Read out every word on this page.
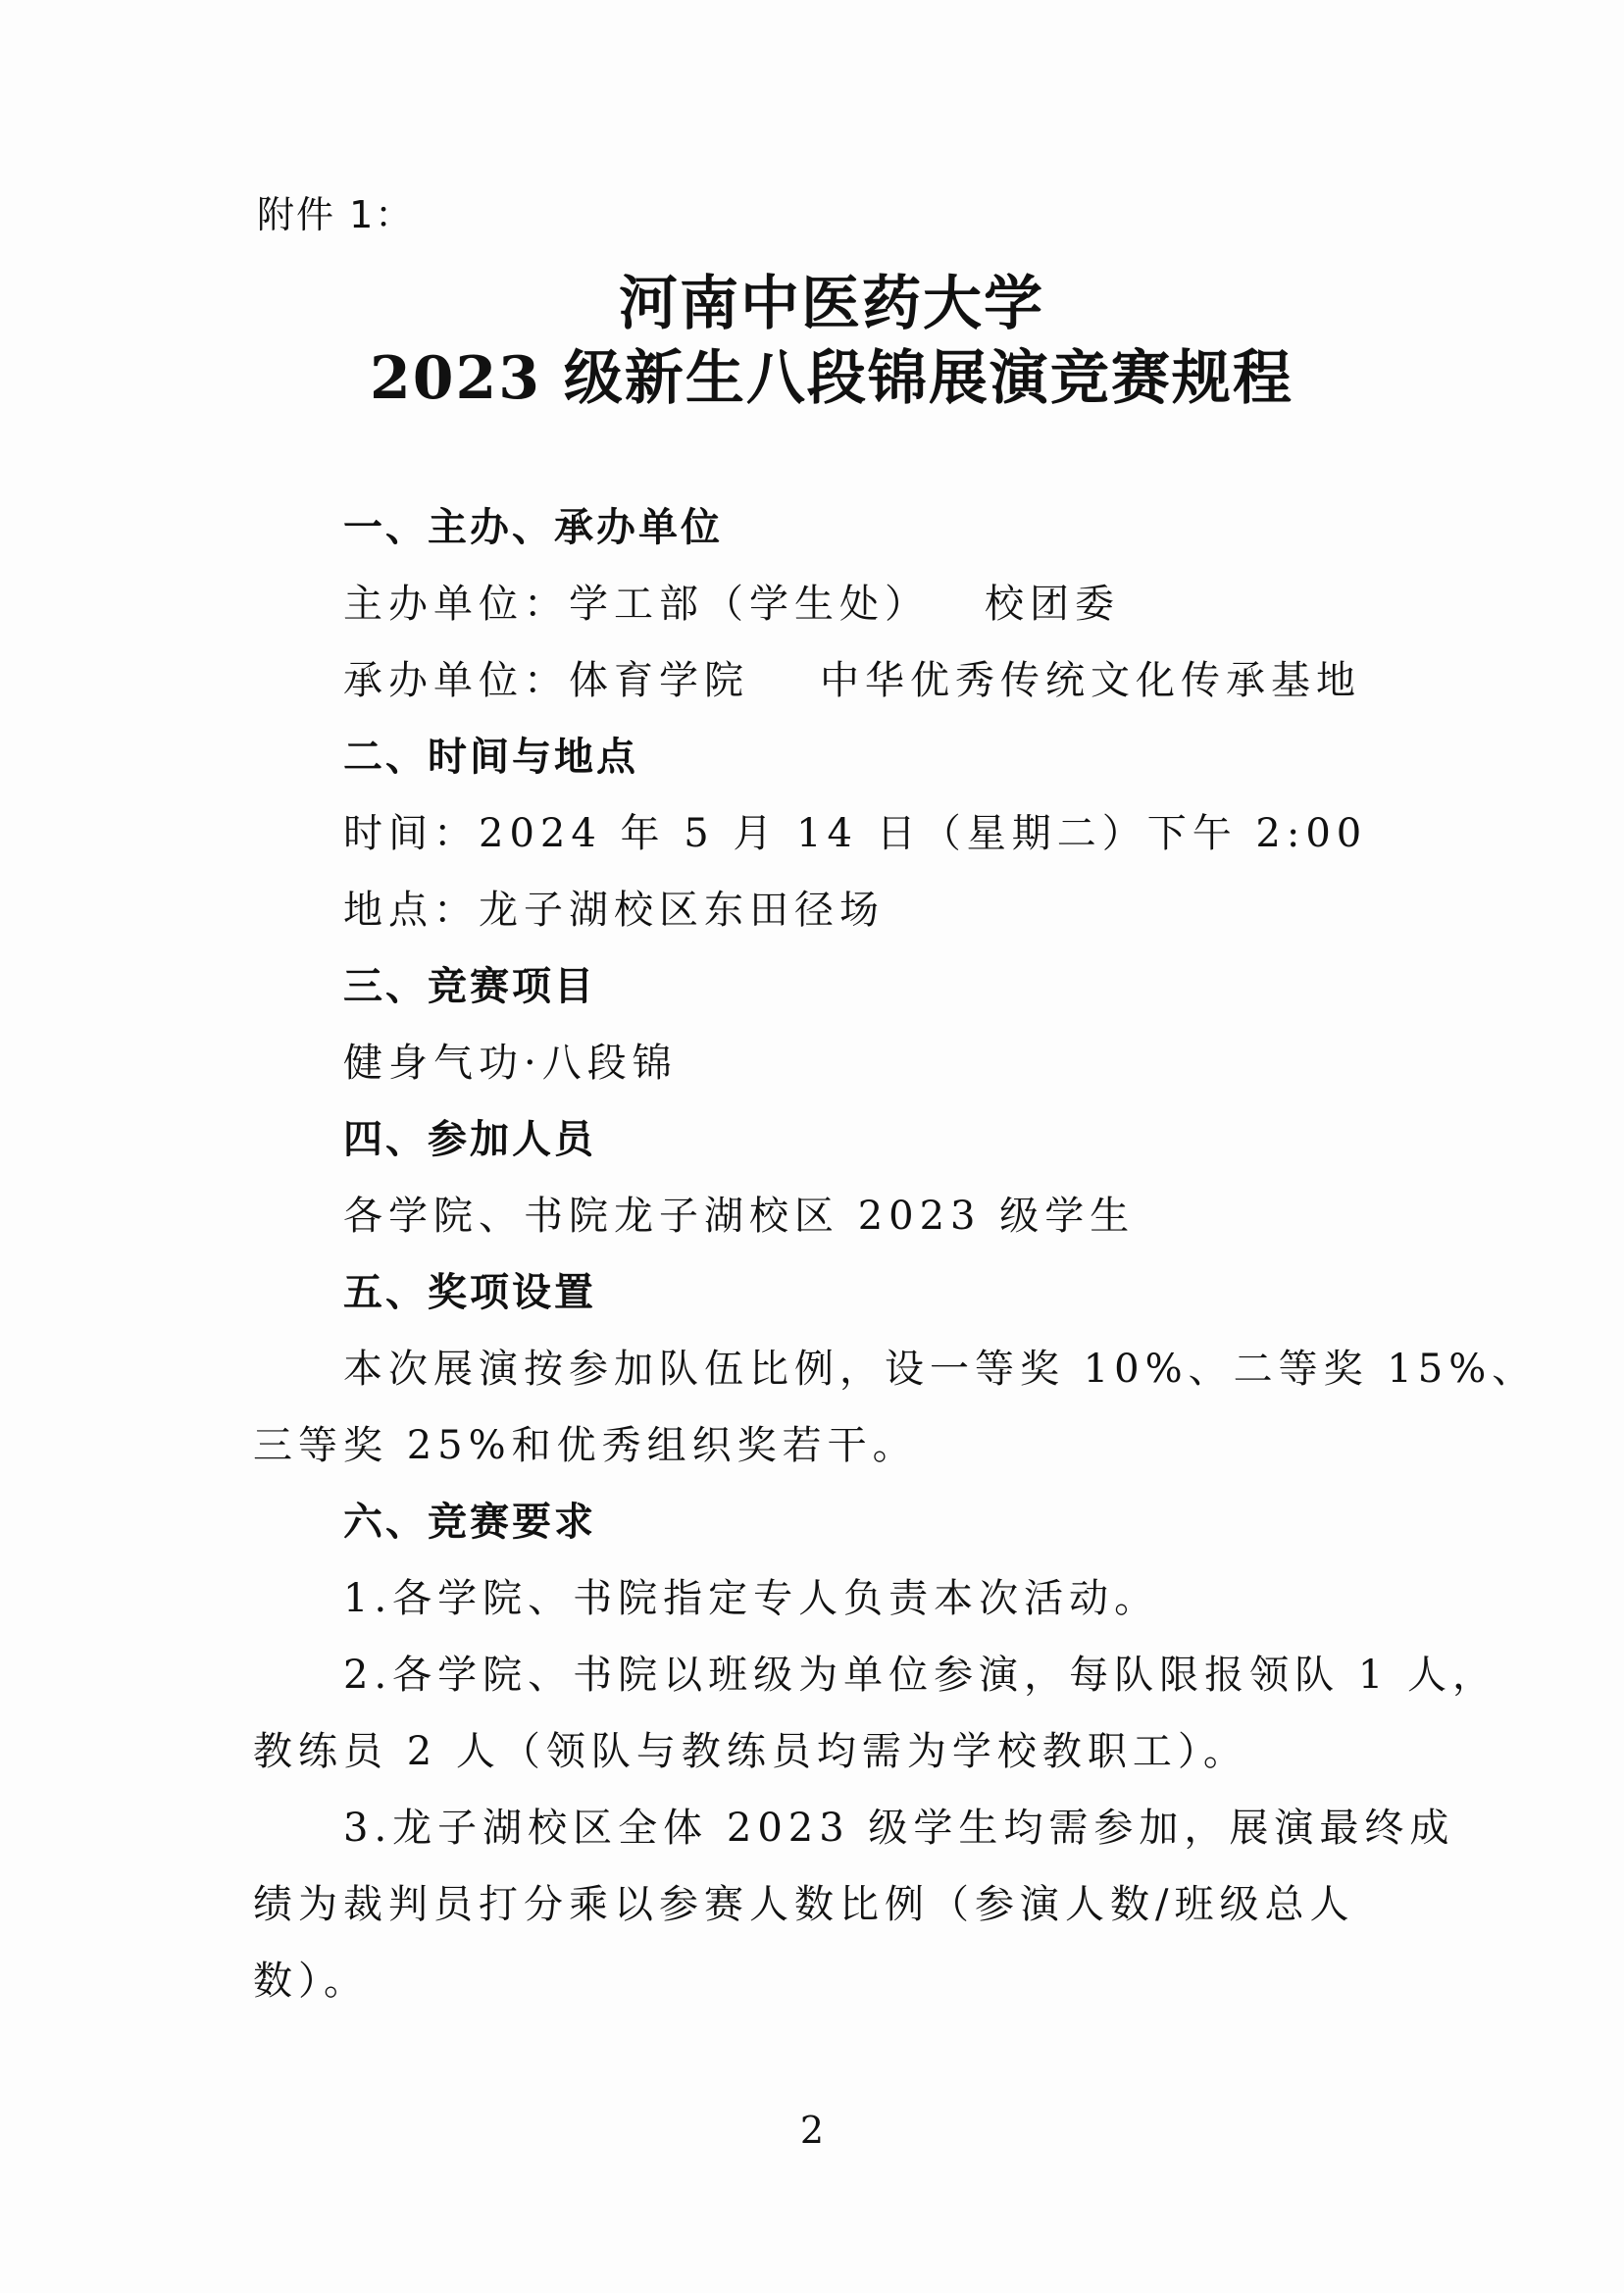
附件 1：
河南中医药大学
2023 级新生八段锦展演竞赛规程
一、主办、承办单位
主办单位：学工部（学生处） 校团委
承办单位：体育学院 中华优秀传统文化传承基地
二、时间与地点
时间：2024 年 5 月 14 日（星期二）下午 2:00
地点：龙子湖校区东田径场
三、竞赛项目
健身气功·八段锦
四、参加人员
各学院、书院龙子湖校区 2023 级学生
五、奖项设置
本次展演按参加队伍比例，设一等奖 10%、二等奖 15%、
三等奖 25%和优秀组织奖若干。
六、竞赛要求
1.各学院、书院指定专人负责本次活动。
2.各学院、书院以班级为单位参演，每队限报领队 1 人，
教练员 2 人（领队与教练员均需为学校教职工）。
3.龙子湖校区全体 2023 级学生均需参加，展演最终成
绩为裁判员打分乘以参赛人数比例（参演人数/班级总人
数）。
2
